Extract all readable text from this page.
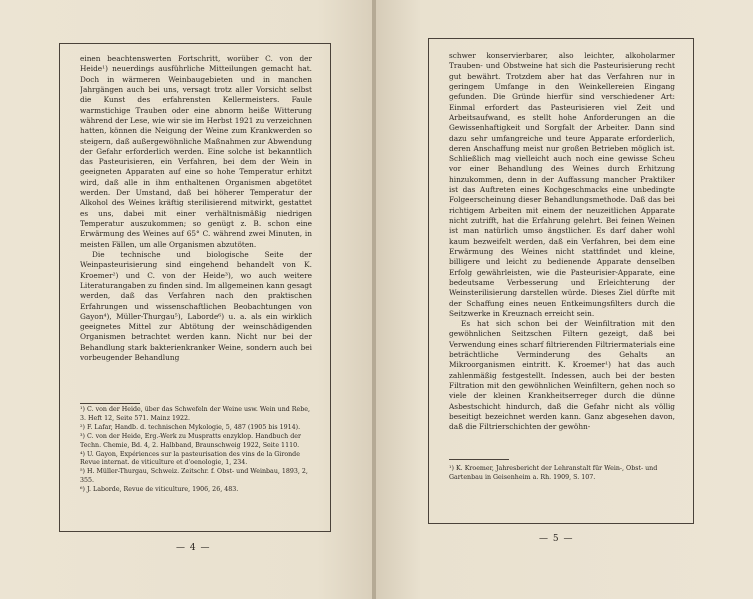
einen beachtenswerten Fortschritt, worüber C. von der Heide¹) neuerdings ausführliche Mitteilungen gemacht hat. Doch in wärmeren Weinbaugebieten und in manchen Jahrgängen auch bei uns, versagt trotz aller Vorsicht selbst die Kunst des erfahrensten Kellermeisters. Faule warmstichige Trauben oder eine abnorm heiße Witterung während der Lese, wie wir sie im Herbst 1921 zu verzeichnen hatten, können die Neigung der Weine zum Krankwerden so steigern, daß außergewöhnliche Maßnahmen zur Abwendung der Gefahr erforderlich werden. Eine solche ist bekanntlich das Pasteurisieren, ein Verfahren, bei dem der Wein in geeigneten Apparaten auf eine so hohe Temperatur erhitzt wird, daß alle in ihm enthaltenen Organismen abgetötet werden. Der Umstand, daß bei höherer Temperatur der Alkohol des Weines kräftig sterilisierend mitwirkt, gestattet es uns, dabei mit einer verhältnismäßig niedrigen Temperatur auszukommen; so genügt z. B. schon eine Erwärmung des Weines auf 65° C. während zwei Minuten, in meisten Fällen, um alle Organismen abzutöten.

Die technische und biologische Seite der Weinpasteurisierung sind eingehend behandelt von K. Kroemer²) und C. von der Heide³), wo auch weitere Literaturangaben zu finden sind. Im allgemeinen kann gesagt werden, daß das Verfahren nach den praktischen Erfahrungen und wissenschaftlichen Beobachtungen von Gayon⁴), Müller-Thurgau⁵), Laborde⁶) u. a. als ein wirklich geeignetes Mittel zur Abtötung der weinschädigenden Organismen betrachtet werden kann. Nicht nur bei der Behandlung stark bakterienkranker Weine, sondern auch bei vorbeugender Behandlung

¹) C. von der Heide, über das Schwefeln der Weine usw. Wein und Rebe, 3. Heft 12, Seite 571. Mainz 1922.

²) F. Lafar, Handb. d. technischen Mykologie, 5, 487 (1905 bis 1914).

³) C. von der Heide, Erg.-Werk zu Muspratts enzyklop. Handbuch der Techn. Chemie, Bd. 4, 2. Halbband, Braunschweig 1922, Seite 1110.

⁴) U. Gayon, Expériences sur la pasteurisation des vins de la Gironde Revue internat. de viticulture et d'oenologie, 1, 234.

⁵) H. Müller-Thurgau, Schweiz. Zeitschr. f. Obst- und Weinbau, 1893, 2, 355.

⁶) J. Laborde, Revue de viticulture, 1906, 26, 483.

— 4 —

schwer konservierbarer, also leichter, alkoholarmer Trauben- und Obstweine hat sich die Pasteurisierung recht gut bewährt. Trotzdem aber hat das Verfahren nur in geringem Umfange in den Weinkellereien Eingang gefunden. Die Gründe hierfür sind verschiedener Art: Einmal erfordert das Pasteurisieren viel Zeit und Arbeitsaufwand, es stellt hohe Anforderungen an die Gewissenhaftigkeit und Sorgfalt der Arbeiter. Dann sind dazu sehr umfangreiche und teure Apparate erforderlich, deren Anschaffung meist nur großen Betrieben möglich ist. Schließlich mag vielleicht auch noch eine gewisse Scheu vor einer Behandlung des Weines durch Erhitzung hinzukommen, denn in der Auffassung mancher Praktiker ist das Auftreten eines Kochgeschmacks eine unbedingte Folgeerscheinung dieser Behandlungsmethode. Daß das bei richtigem Arbeiten mit einem der neuzeitlichen Apparate nicht zutrifft, hat die Erfahrung gelehrt. Bei feinen Weinen ist man natürlich umso ängstlicher. Es darf daher wohl kaum bezweifelt werden, daß ein Verfahren, bei dem eine Erwärmung des Weines nicht stattfindet und kleine, billigere und leicht zu bedienende Apparate denselben Erfolg gewährleisten, wie die Pasteurisier-Apparate, eine bedeutsame Verbesserung und Erleichterung der Weinsterilisierung darstellen würde. Dieses Ziel dürfte mit der Schaffung eines neuen Entkeimungsfilters durch die Seitzwerke in Kreuznach erreicht sein.

Es hat sich schon bei der Weinfiltration mit den gewöhnlichen Seitzschen Filtern gezeigt, daß bei Verwendung eines scharf filtrierenden Filtriermaterials eine beträchtliche Verminderung des Gehalts an Mikroorganismen eintritt. K. Kroemer¹) hat das auch zahlenmäßig festgestellt. Indessen, auch bei der besten Filtration mit den gewöhnlichen Weinfiltern, gehen noch so viele der kleinen Krankheitserreger durch die dünne Asbestschicht hindurch, daß die Gefahr nicht als völlig beseitigt bezeichnet werden kann. Ganz abgesehen davon, daß die Filtrierschichten der gewöhn-

¹) K. Kroemer, Jahresbericht der Lehranstalt für Wein-, Obst- und Gartenbau in Geisenheim a. Rh. 1909, S. 107.

— 5 —
